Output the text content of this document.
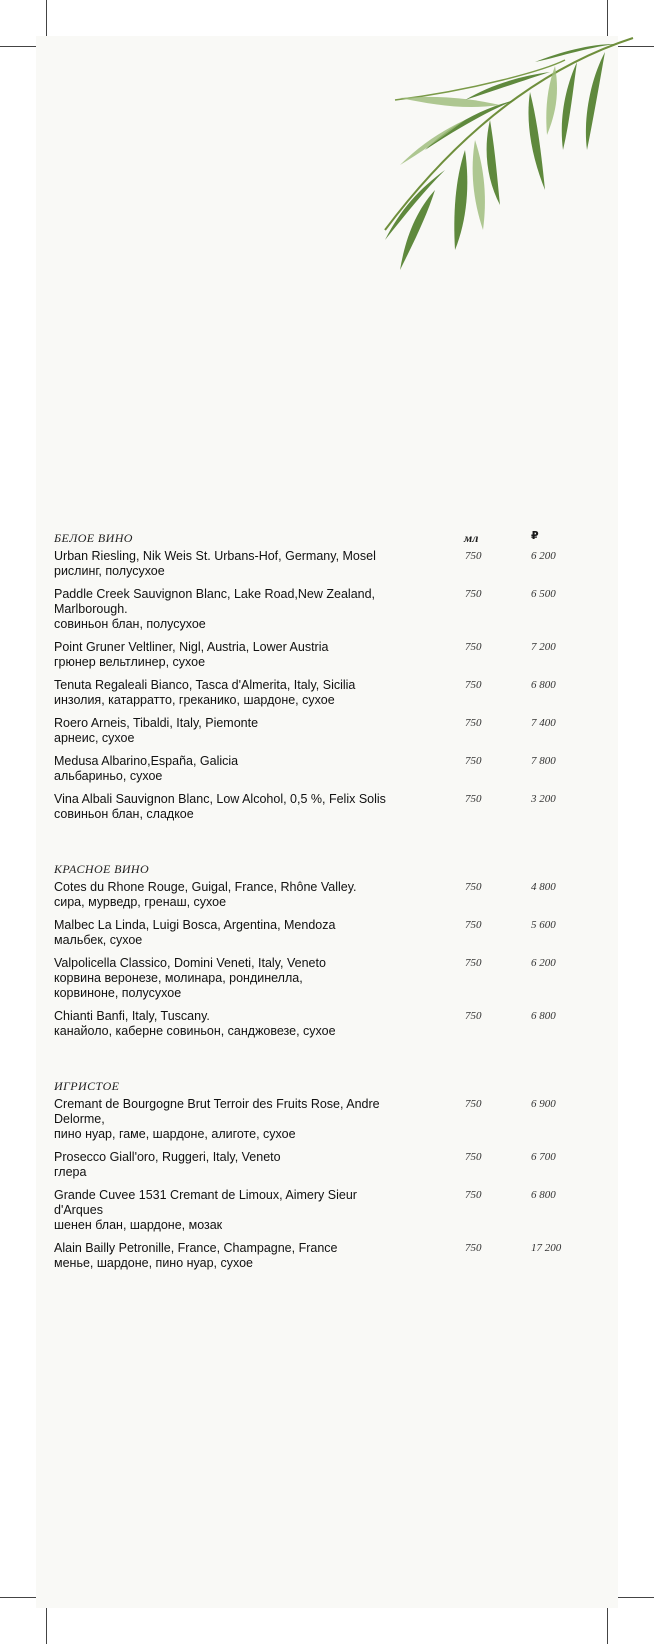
БЕЛОЕ ВИНО	мл	₽
Urban Riesling, Nik Weis St. Urbans-Hof, Germany, Mosel
рислинг, полусухое
750	6 200
Paddle Creek Sauvignon Blanc, Lake Road,New Zealand, Marlborough.
совиньон блан, полусухое
750	6 500
Point Gruner Veltliner, Nigl, Austria, Lower Austria
грюнер вельтлинер, сухое
750	7 200
Tenuta Regaleali Bianco, Tasca d'Almerita, Italy, Sicilia
инзолия, катарратто, греканико, шардоне, сухое
750	6 800
Roero Arneis, Tibaldi, Italy, Piemonte
арнеис, сухое
750	7 400
Medusa Albarino,España, Galicia
альбариньо, сухое
750	7 800
Vina Albali Sauvignon Blanc, Low Alcohol, 0,5 %, Felix Solis
совиньон блан, сладкое
750	3 200
КРАСНОЕ ВИНО
Cotes du Rhone Rouge, Guigal, France, Rhône Valley.
сира, мурведр, гренаш, сухое
750	4 800
Malbec La Linda, Luigi Bosca, Argentina, Mendoza
мальбек, сухое
750	5 600
Valpolicella Classico, Domini Veneti, Italy, Veneto
корвина веронезе, молинара, рондинелла, корвиноне, полусухое
750	6 200
Chianti Banfi, Italy, Tuscany.
канайоло, каберне совиньон, санджовезе, сухое
750	6 800
ИГРИСТОЕ
Cremant de Bourgogne Brut Terroir des Fruits Rose, Andre Delorme,
пино нуар, гаме, шардоне, алиготе, сухое
750	6 900
Prosecco Giall'oro, Ruggeri, Italy, Veneto
глера
750	6 700
Grande Cuvee 1531 Cremant de Limoux, Aimery Sieur d'Arques
шенен блан, шардоне, мозак
750	6 800
Alain Bailly Petronille, France, Champagne, France
менье, шардоне, пино нуар, сухое
750	17 200
